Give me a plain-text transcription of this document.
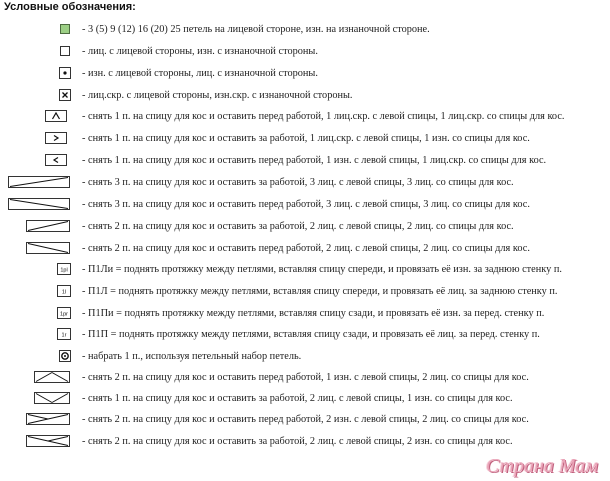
Условные обозначения:
- 3 (5) 9 (12) 16 (20) 25 петель на лицевой стороне, изн. на изнаночной стороне.
- лиц. с лицевой стороны, изн. с изнаночной стороны.
- изн. с лицевой стороны, лиц. с изнаночной стороны.
- лиц.скр. с лицевой стороны, изн.скр. с изнаночной стороны.
- снять 1 п. на спицу для кос и оставить перед работой, 1 лиц.скр. с левой спицы, 1 лиц.скр. со спицы для кос.
- снять 1 п. на спицу для кос и оставить за работой, 1 лиц.скр. с левой спицы, 1 изн. со спицы для кос.
- снять 1 п. на спицу для кос и оставить перед работой, 1 изн. с левой спицы, 1 лиц.скр. со спицы для кос.
- снять 3 п. на спицу для кос и оставить за работой, 3 лиц. с левой спицы, 3 лиц. со спицы для кос.
- снять 3 п. на спицу для кос и оставить перед работой, 3 лиц. с левой спицы, 3 лиц. со спицы для кос.
- снять 2 п. на спицу для кос и оставить за работой, 2 лиц. с левой спицы, 2 лиц. со спицы для кос.
- снять 2 п. на спицу для кос и оставить перед работой, 2 лиц. с левой спицы, 2 лиц. со спицы для кос.
1pl - П1Ли = поднять протяжку между петлями, вставляя спицу спереди, и провязать её изн. за заднюю стенку п.
1l - П1Л = поднять протяжку между петлями, вставляя спицу спереди, и провязать её лиц. за заднюю стенку п.
1pr - П1Пи = поднять протяжку между петлями, вставляя спицу сзади, и провязать её изн. за перед. стенку п.
1r - П1П = поднять протяжку между петлями, вставляя спицу сзади, и провязать её лиц. за перед. стенку п.
- набрать 1 п., используя петельный набор петель.
- снять 2 п. на спицу для кос и оставить перед работой, 1 изн. с левой спицы, 2 лиц. со спицы для кос.
- снять 1 п. на спицу для кос и оставить за работой, 2 лиц. с левой спицы, 1 изн. со спицы для кос.
- снять 2 п. на спицу для кос и оставить перед работой, 2 изн. с левой спицы, 2 лиц. со спицы для кос.
- снять 2 п. на спицу для кос и оставить за работой, 2 лиц. с левой спицы, 2 изн. со спицы для кос.
Страна Мам
